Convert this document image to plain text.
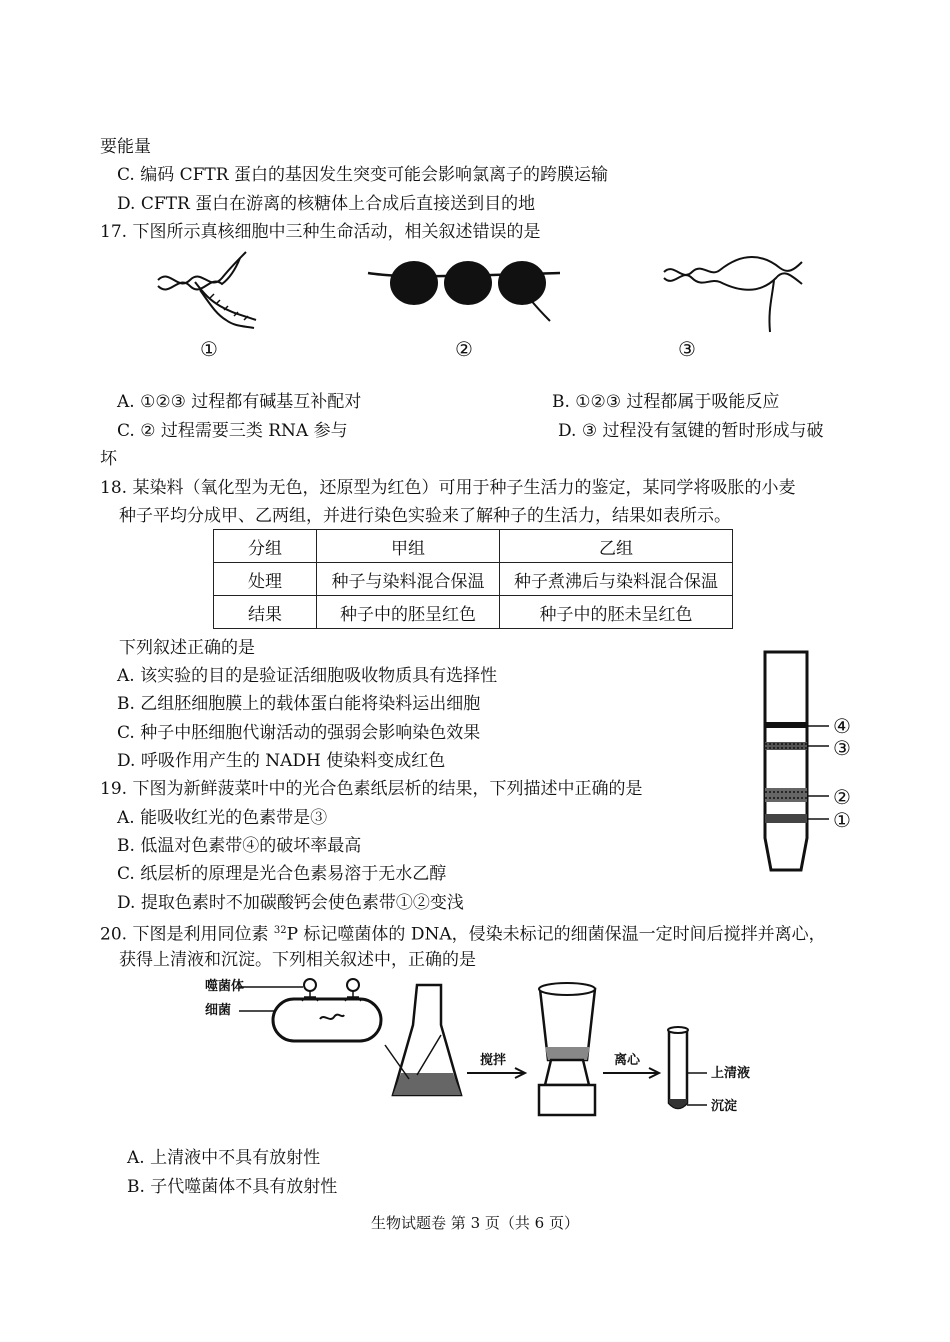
要能量
C. 编码 CFTR 蛋白的基因发生突变可能会影响氯离子的跨膜运输
D. CFTR 蛋白在游离的核糖体上合成后直接送到目的地
17. 下图所示真核细胞中三种生命活动，相关叙述错误的是
①	②	③
A. ①②③ 过程都有碱基互补配对	B. ①②③ 过程都属于吸能反应
C. ② 过程需要三类 RNA 参与	D. ③ 过程没有氢键的暂时形成与破
坏
18. 某染料（氧化型为无色，还原型为红色）可用于种子生活力的鉴定，某同学将吸胀的小麦
种子平均分成甲、乙两组，并进行染色实验来了解种子的生活力，结果如表所示。
分组	甲组	乙组
处理	种子与染料混合保温	种子煮沸后与染料混合保温
结果	种子中的胚呈红色	种子中的胚未呈红色
下列叙述正确的是
A. 该实验的目的是验证活细胞吸收物质具有选择性
B. 乙组胚细胞膜上的载体蛋白能将染料运出细胞
C. 种子中胚细胞代谢活动的强弱会影响染色效果
D. 呼吸作用产生的 NADH 使染料变成红色
④
③
②
①
19. 下图为新鲜菠菜叶中的光合色素纸层析的结果，下列描述中正确的是
A. 能吸收红光的色素带是③
B. 低温对色素带④的破坏率最高
C. 纸层析的原理是光合色素易溶于无水乙醇
D. 提取色素时不加碳酸钙会使色素带①②变浅
20. 下图是利用同位素 $^{32}$P 标记噬菌体的 DNA，侵染未标记的细菌保温一定时间后搅拌并离心，
获得上清液和沉淀。下列相关叙述中，正确的是
噬菌体
细菌
搅拌	离心
上清液
沉淀
A. 上清液中不具有放射性
B. 子代噬菌体不具有放射性
生物试题卷 第 3 页（共 6 页）
